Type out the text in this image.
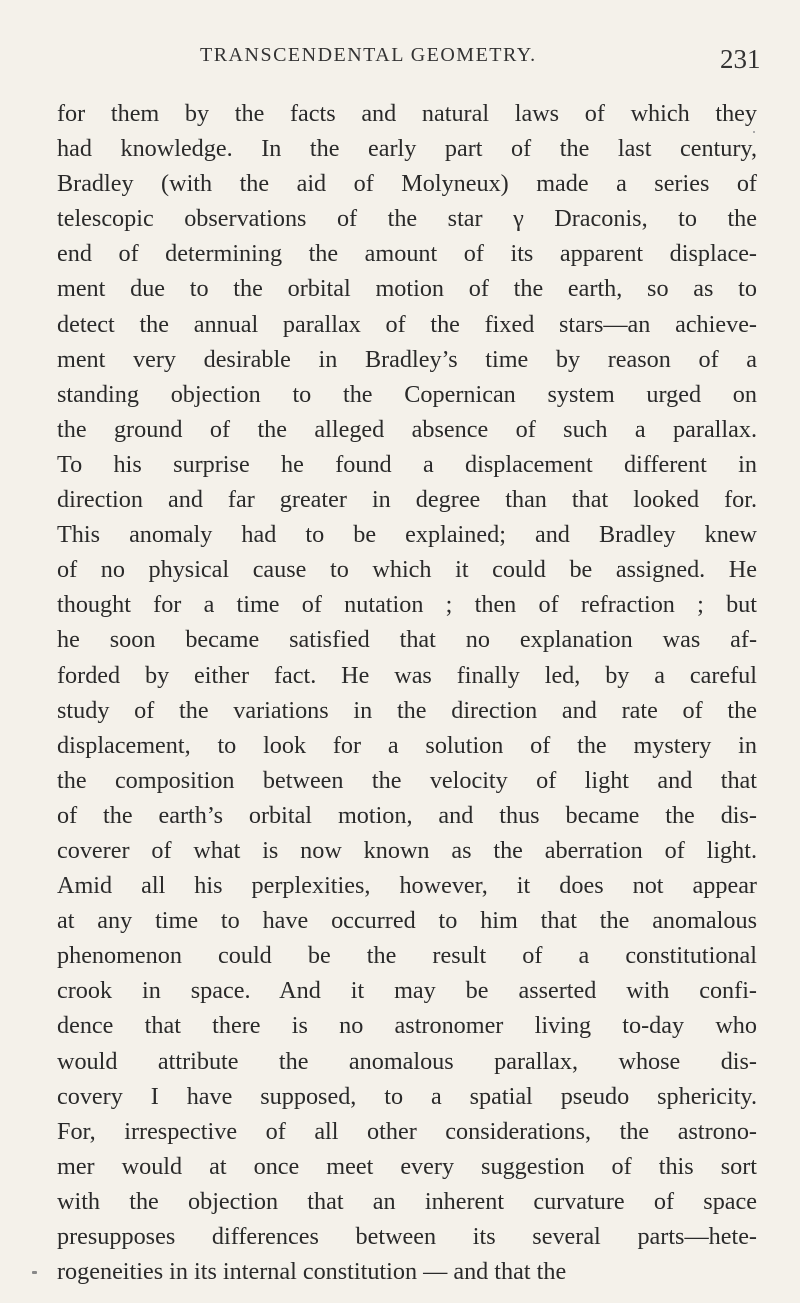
TRANSCENDENTAL GEOMETRY.	231
for them by the facts and natural laws of which they
had knowledge. In the early part of the last century,
Bradley (with the aid of Molyneux) made a series of
telescopic observations of the star γ Draconis, to the
end of determining the amount of its apparent displace-
ment due to the orbital motion of the earth, so as to
detect the annual parallax of the fixed stars—an achieve-
ment very desirable in Bradley’s time by reason of a
standing objection to the Copernican system urged on
the ground of the alleged absence of such a parallax.
To his surprise he found a displacement different in
direction and far greater in degree than that looked for.
This anomaly had to be explained; and Bradley knew
of no physical cause to which it could be assigned. He
thought for a time of nutation ; then of refraction ; but
he soon became satisfied that no explanation was af-
forded by either fact. He was finally led, by a careful
study of the variations in the direction and rate of the
displacement, to look for a solution of the mystery in
the composition between the velocity of light and that
of the earth’s orbital motion, and thus became the dis-
coverer of what is now known as the aberration of light.
Amid all his perplexities, however, it does not appear
at any time to have occurred to him that the anomalous
phenomenon could be the result of a constitutional
crook in space. And it may be asserted with confi-
dence that there is no astronomer living to-day who
would attribute the anomalous parallax, whose dis-
covery I have supposed, to a spatial pseudo sphericity.
For, irrespective of all other considerations, the astrono-
mer would at once meet every suggestion of this sort
with the objection that an inherent curvature of space
presupposes differences between its several parts—hete-
rogeneities in its internal constitution — and that the
